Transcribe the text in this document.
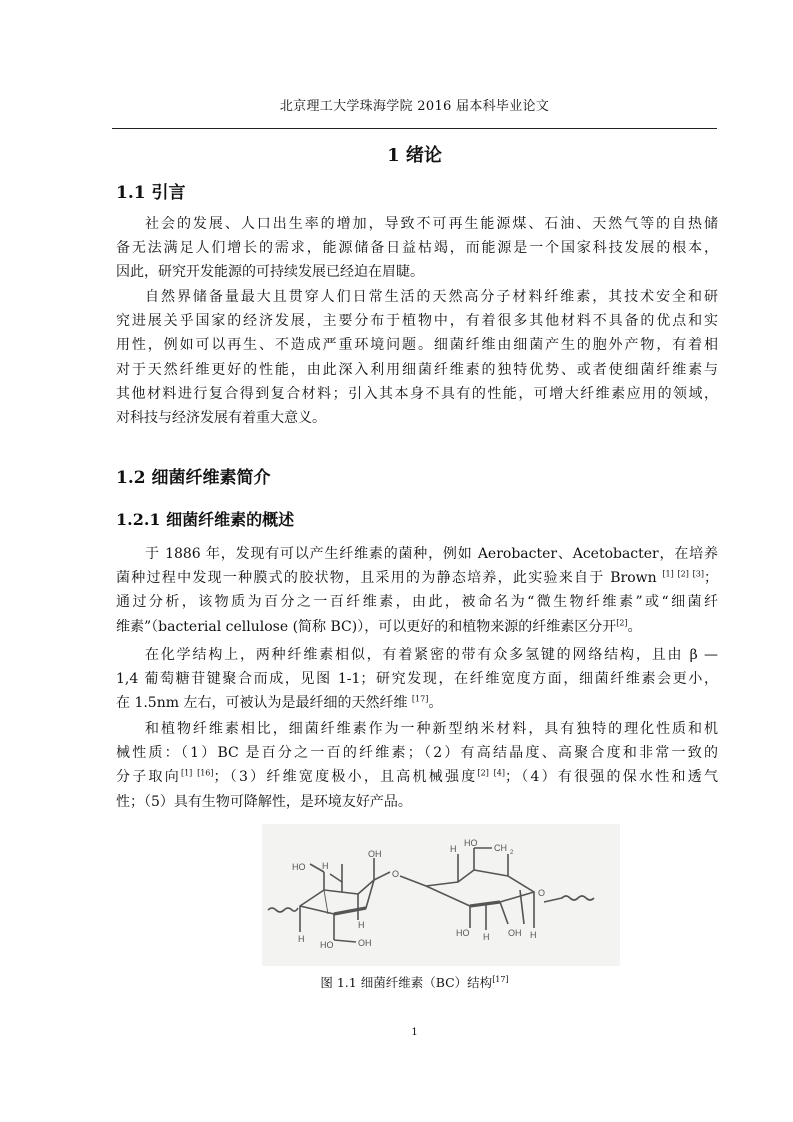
北京理工大学珠海学院 2016 届本科毕业论文
1 绪论
1.1 引言
社会的发展、人口出生率的增加，导致不可再生能源煤、石油、天然气等的自热储
备无法满足人们增长的需求，能源储备日益枯竭，而能源是一个国家科技发展的根本，
因此，研究开发能源的可持续发展已经迫在眉睫。
自然界储备量最大且贯穿人们日常生活的天然高分子材料纤维素，其技术安全和研
究进展关乎国家的经济发展，主要分布于植物中，有着很多其他材料不具备的优点和实
用性，例如可以再生、不造成严重环境问题。细菌纤维由细菌产生的胞外产物，有着相
对于天然纤维更好的性能，由此深入利用细菌纤维素的独特优势、或者使细菌纤维素与
其他材料进行复合得到复合材料；引入其本身不具有的性能，可增大纤维素应用的领域，
对科技与经济发展有着重大意义。
1.2 细菌纤维素简介
1.2.1 细菌纤维素的概述
于 1886 年，发现有可以产生纤维素的菌种，例如 Aerobacter、Acetobacter，在培养
菌种过程中发现一种膜式的胶状物，且采用的为静态培养，此实验来自于 Brown [1] [2] [3]；
通过分析，该物质为百分之一百纤维素，由此，被命名为“微生物纤维素”或“细菌纤
维素”（bacterial cellulose (简称 BC)），可以更好的和植物来源的纤维素区分开[2]。
在化学结构上，两种纤维素相似，有着紧密的带有众多氢键的网络结构，且由 β —
1,4 葡萄糖苷键聚合而成，见图 1-1；研究发现，在纤维宽度方面，细菌纤维素会更小，
在 1.5nm 左右，可被认为是最纤细的天然纤维 [17]。
和植物纤维素相比，细菌纤维素作为一种新型纳米材料，具有独特的理化性质和机
械性质：（1）BC 是百分之一百的纤维素；（2）有高结晶度、高聚合度和非常一致的
分子取向[1] [16]；（3）纤维宽度极小，且高机械强度[2] [4]；（4）有很强的保水性和透气
性；（5）具有生物可降解性，是环境友好产品。
HO H
OH
O
H
H
HO	OH
H
HO CH 2
HO H OH H
O
图 1.1 细菌纤维素（BC）结构[17]
1
